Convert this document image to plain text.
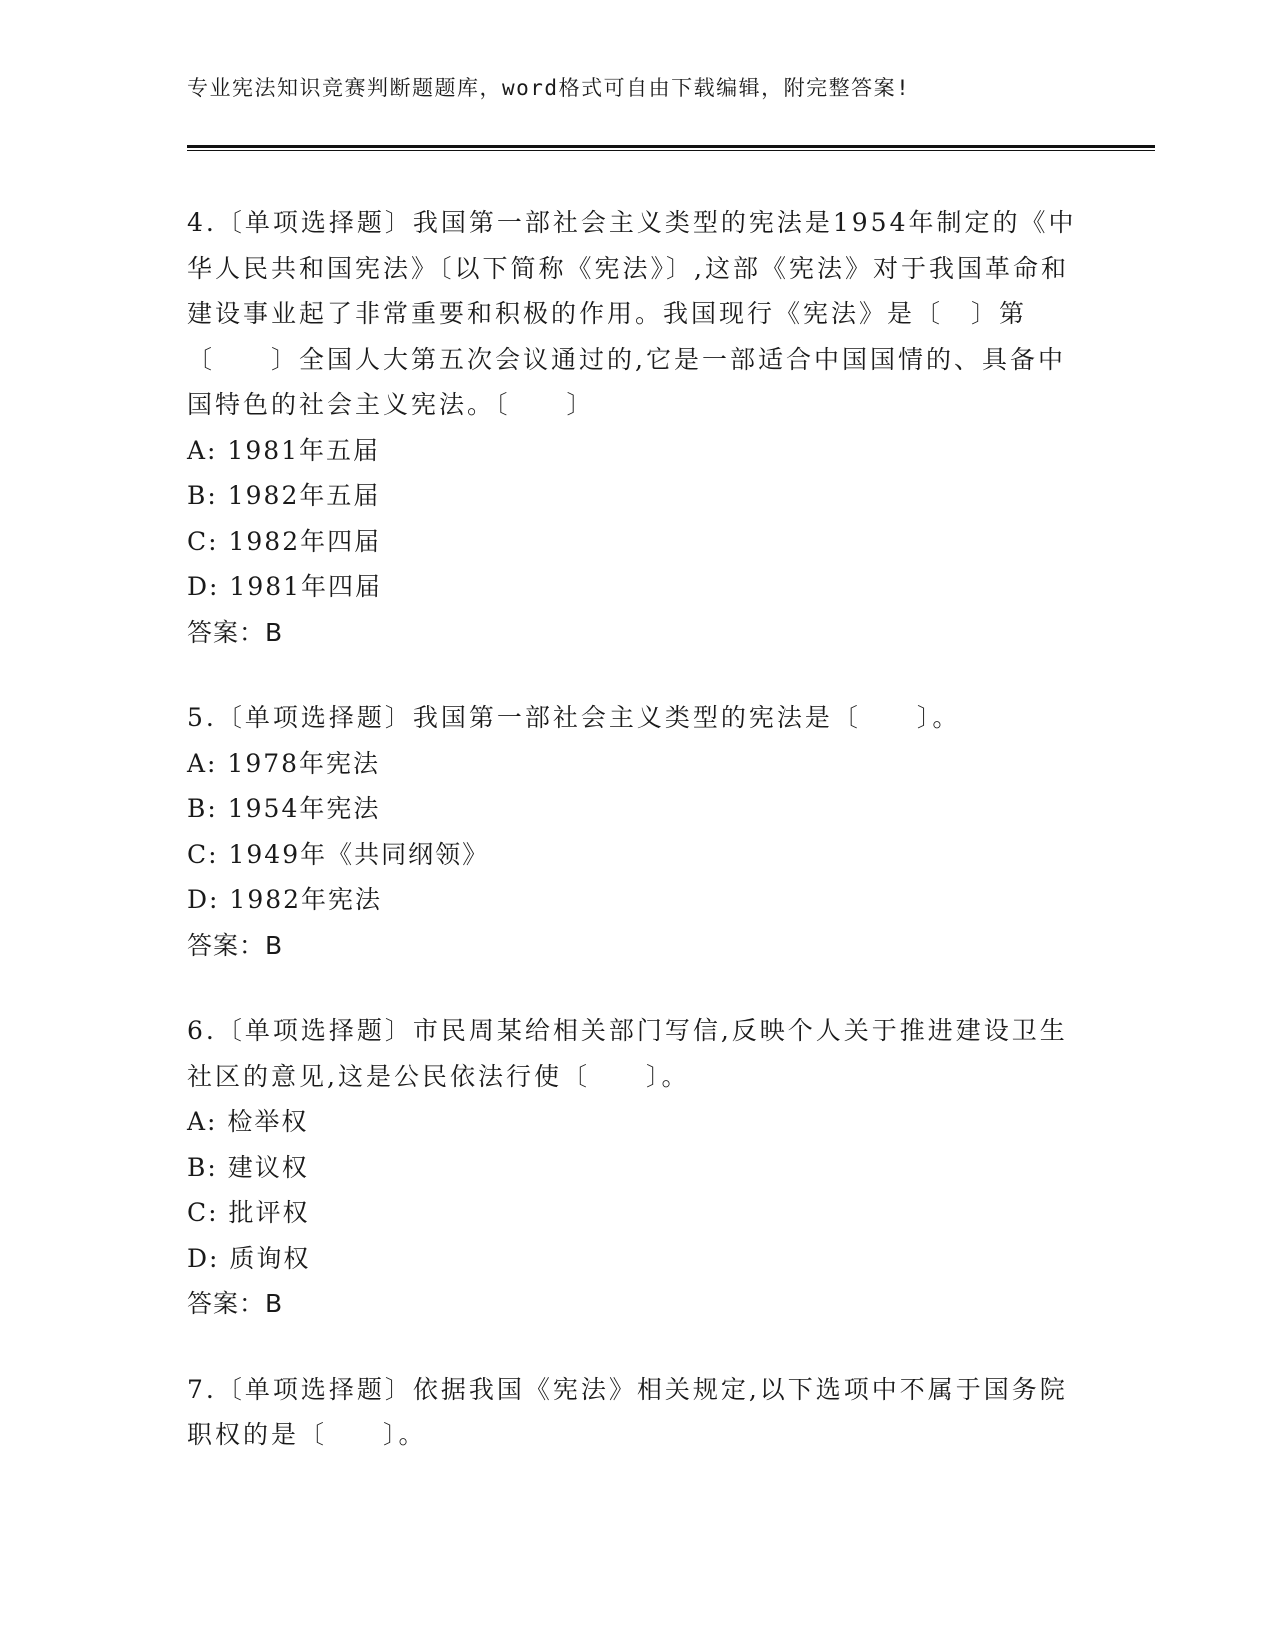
专业宪法知识竞赛判断题题库，word格式可自由下载编辑，附完整答案!

4.〔单项选择题〕我国第一部社会主义类型的宪法是1954年制定的《中华人民共和国宪法》〔以下简称《宪法》〕,这部《宪法》对于我国革命和建设事业起了非常重要和积极的作用。我国现行《宪法》是〔　〕第〔　　〕全国人大第五次会议通过的,它是一部适合中国国情的、具备中国特色的社会主义宪法。〔　　〕

A: 1981年五届

B: 1982年五届

C: 1982年四届

D: 1981年四届

答案：B

5.〔单项选择题〕我国第一部社会主义类型的宪法是〔　　〕。

A: 1978年宪法

B: 1954年宪法

C: 1949年《共同纲领》

D: 1982年宪法

答案：B

6.〔单项选择题〕市民周某给相关部门写信,反映个人关于推进建设卫生社区的意见,这是公民依法行使〔　　〕。

A: 检举权

B: 建议权

C: 批评权

D: 质询权

答案：B

7.〔单项选择题〕依据我国《宪法》相关规定,以下选项中不属于国务院职权的是〔　　〕。
